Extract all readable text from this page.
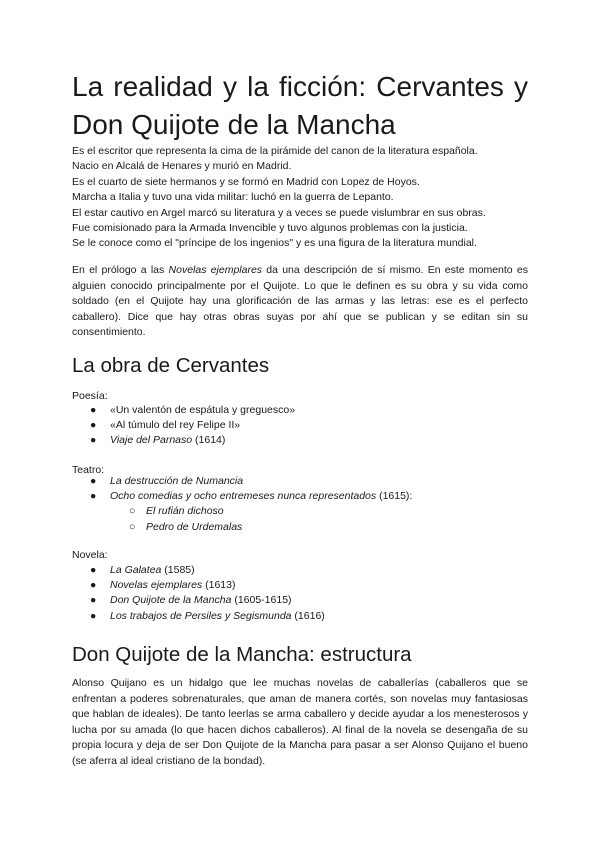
La realidad y la ficción: Cervantes y
Don Quijote de la Mancha
Es el escritor que representa la cima de la pirámide del canon de la literatura española.
Nacio en Alcalá de Henares y murió en Madrid.
Es el cuarto de siete hermanos y se formó en Madrid con Lopez de Hoyos.
Marcha a Italia y tuvo una vida militar: luchó en la guerra de Lepanto.
El estar cautivo en Argel marcó su literatura y a veces se puede vislumbrar en sus obras.
Fue comisionado para la Armada Invencible y tuvo algunos problemas con la justicia.
Se le conoce como el "príncipe de los ingenios" y es una figura de la literatura mundial.

En el prólogo a las Novelas ejemplares da una descripción de sí mismo. En este momento es alguien conocido principalmente por el Quijote. Lo que le definen es su obra y su vida como soldado (en el Quijote hay una glorificación de las armas y las letras: ese es el perfecto caballero). Dice que hay otras obras suyas por ahí que se publican y se editan sin su consentimiento.

La obra de Cervantes
Poesía:
●	«Un valentón de espátula y greguesco»
●	«Al túmulo del rey Felipe II»
●	Viaje del Parnaso (1614)
Teatro:
●	La destrucción de Numancia
●	Ocho comedias y ocho entremeses nunca representados (1615):
○	El rufián dichoso
○	Pedro de Urdemalas
Novela:
●	La Galatea (1585)
●	Novelas ejemplares (1613)
●	Don Quijote de la Mancha (1605-1615)
●	Los trabajos de Persiles y Segismunda (1616)
Don Quijote de la Mancha: estructura

Alonso Quijano es un hidalgo que lee muchas novelas de caballerías (caballeros que se enfrentan a poderes sobrenaturales, que aman de manera cortés, son novelas muy fantasiosas que hablan de ideales). De tanto leerlas se arma caballero y decide ayudar a los menesterosos y lucha por su amada (lo que hacen dichos caballeros). Al final de la novela se desengaña de su propia locura y deja de ser Don Quijote de la Mancha para pasar a ser Alonso Quijano el bueno (se aferra al ideal cristiano de la bondad).
